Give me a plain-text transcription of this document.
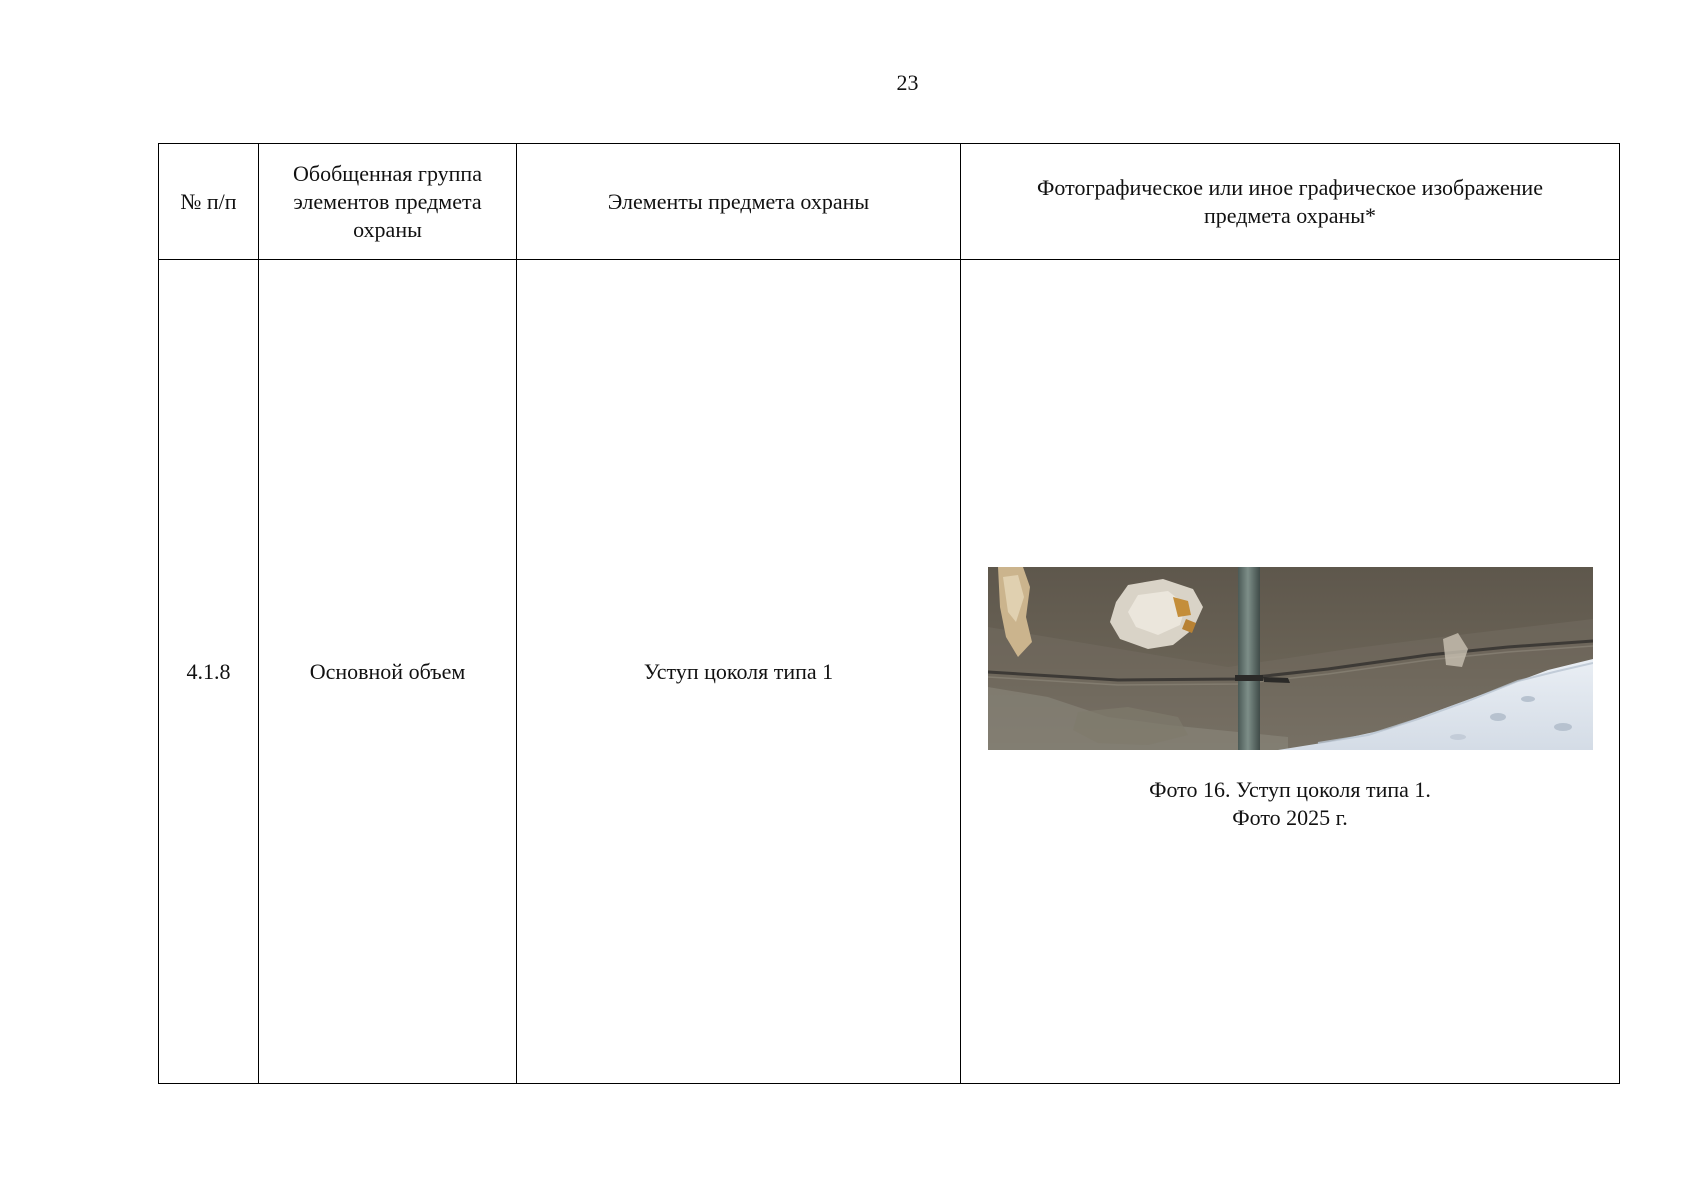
23
№ п/п	Обобщенная группа элементов предмета охраны	Элементы предмета охраны	Фотографическое или иное графическое изображение предмета охраны*
4.1.8	Основной объем	Уступ цоколя типа 1	Фото 16. Уступ цоколя типа 1.
Фото 2025 г.
